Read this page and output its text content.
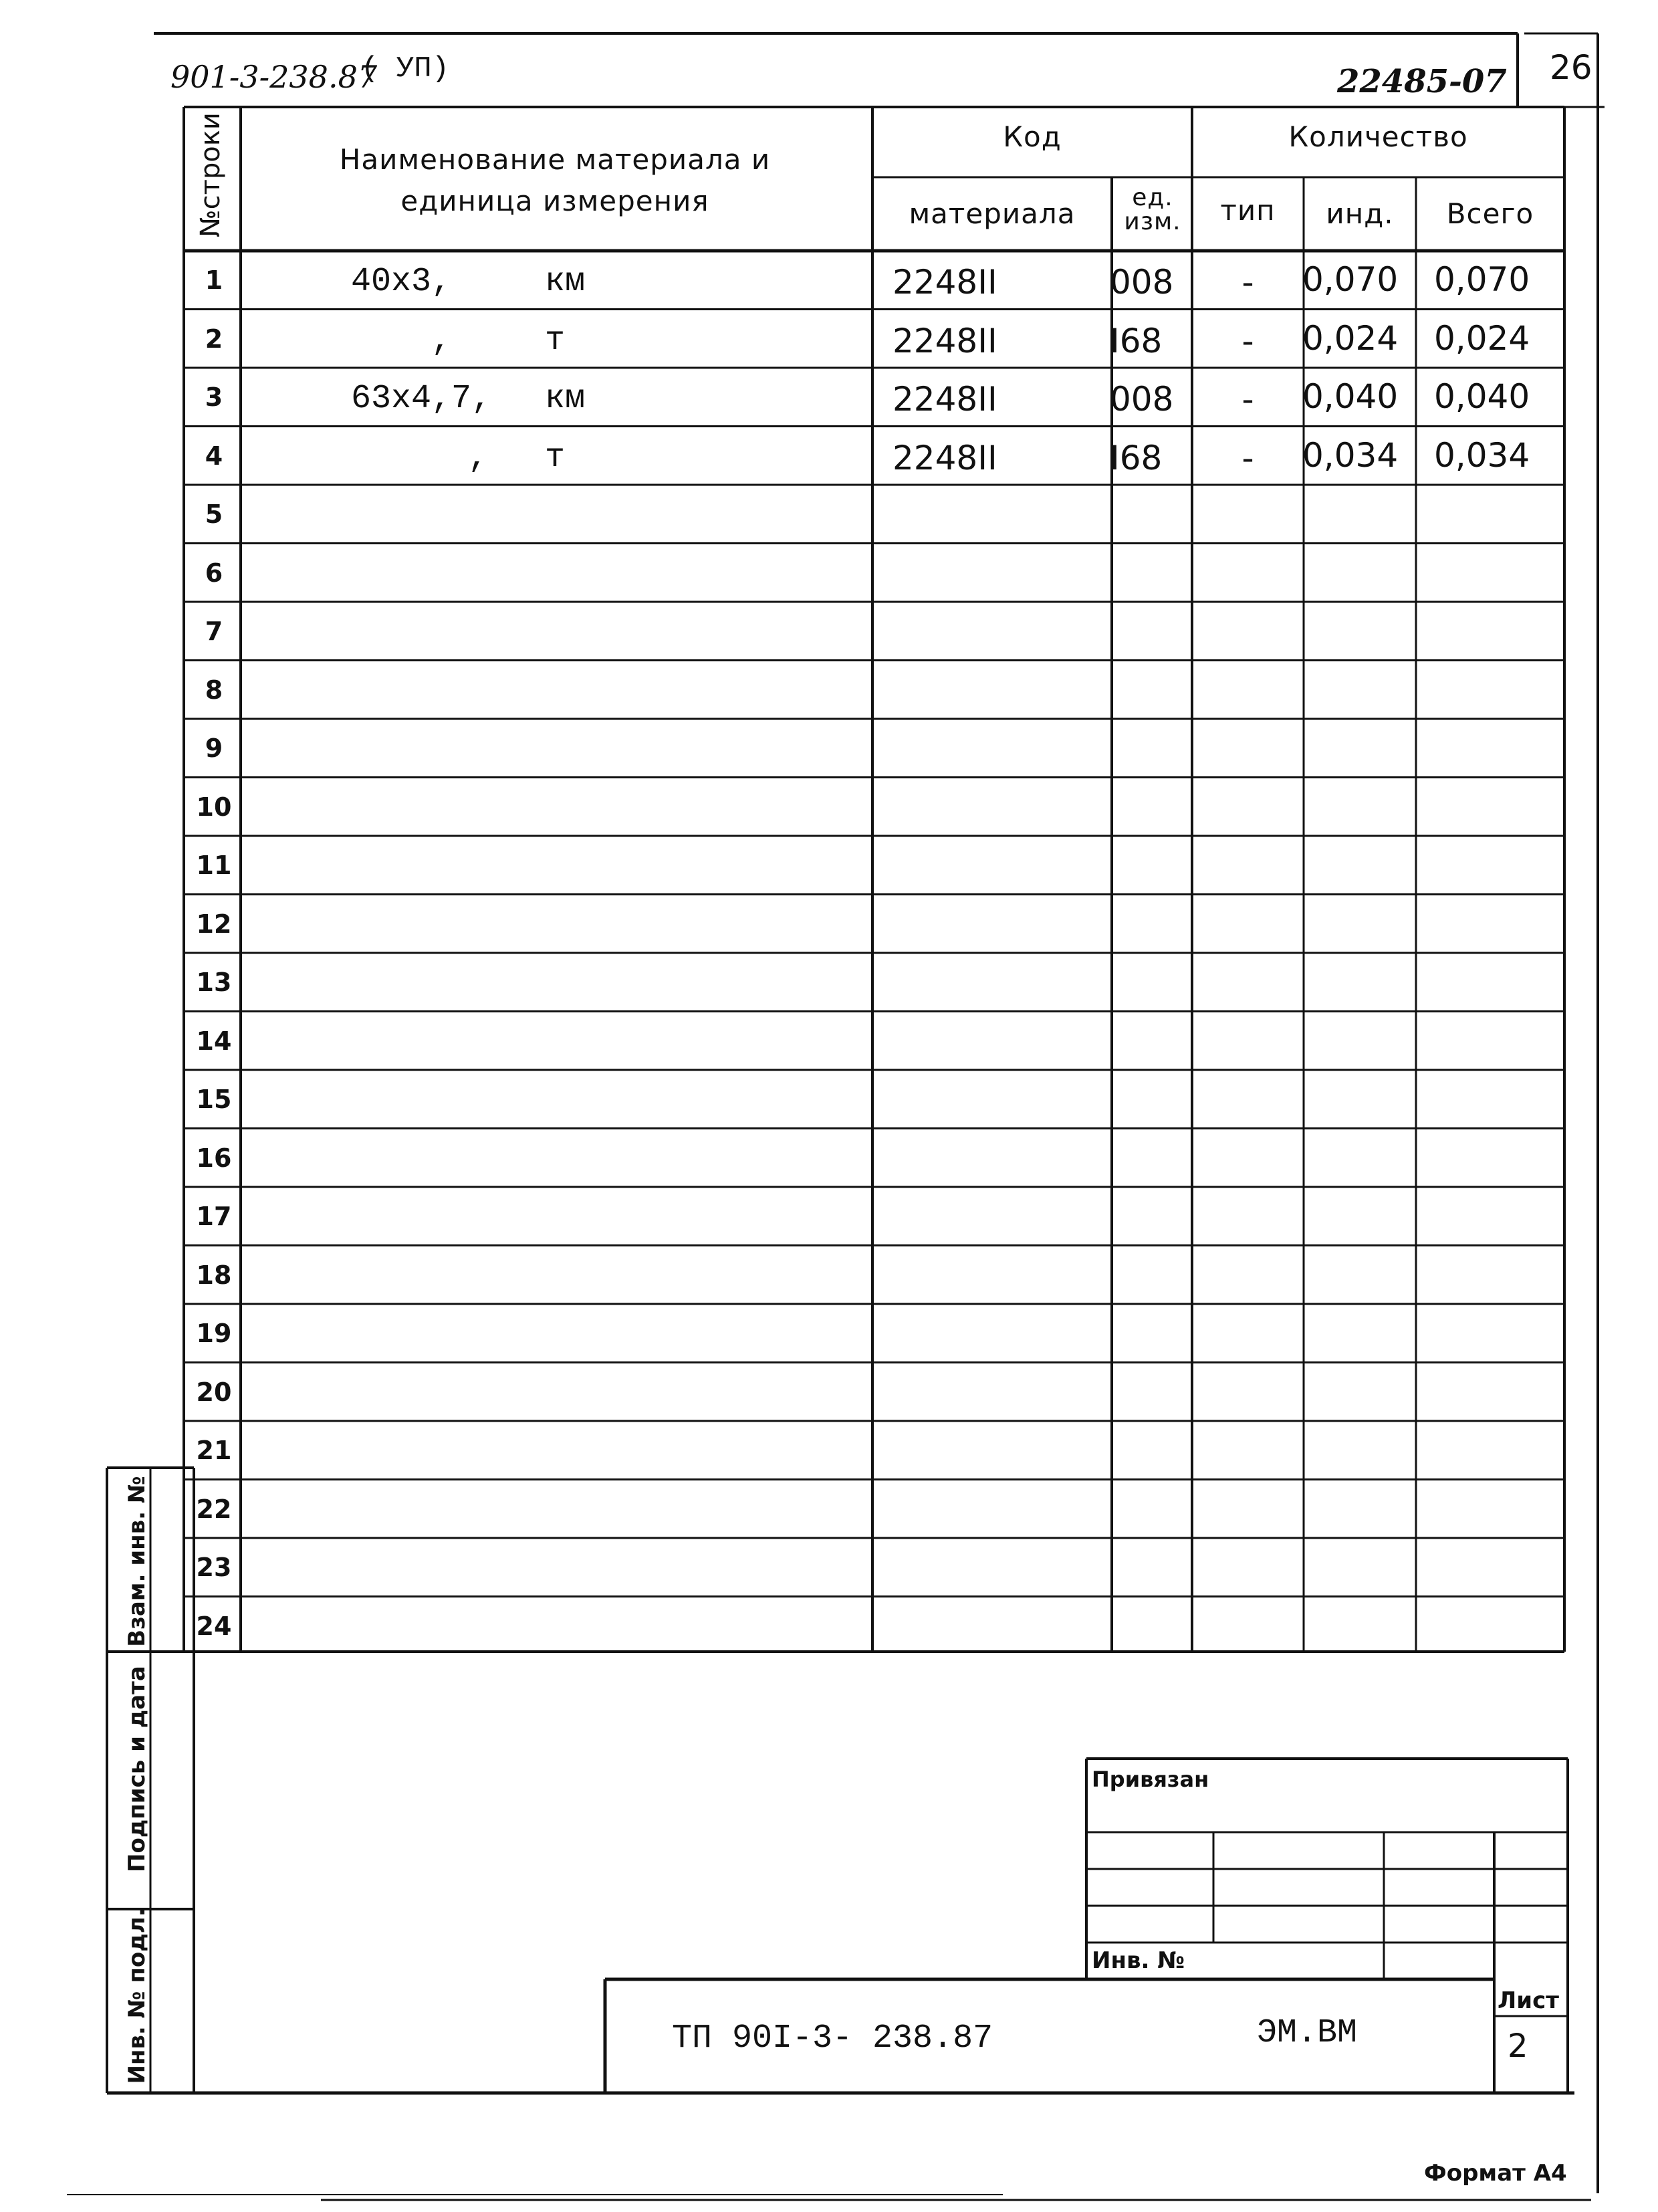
901-3-238.87
( УП)	22485-07 26
№строки	Наименование материала и единица измерения
Код	Количество
материала	ед. изм.	тип	инд.	Всего
1	40x3,	км	2248II	008	-	0,070 0,070
2	,	т	2248II	I68	-	0,024 0,024
3	63x4,7, км	2248II	008	-	0,040 0,040
4	, т	2248II	I68	-	0,034 0,034
5
6
7
8
9
10
11
12
13
14
15
16
17
18
19
20
21
22
23
24
Взам. инв. №
Подпись и дата
Инв. № подл.
Привязан
Инв. №
ТП 90I-3- 238.87	ЭМ.ВМ
Лист
2
Формат А4
